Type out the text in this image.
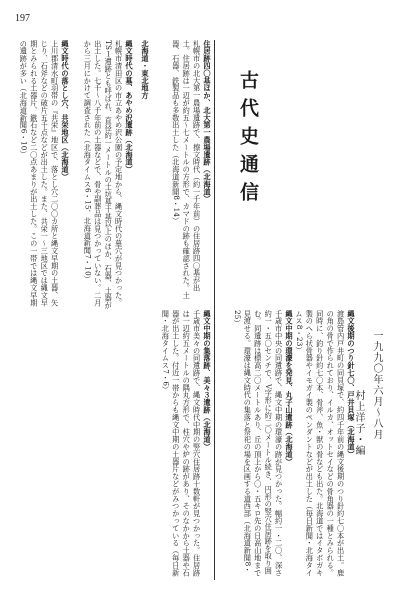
197
一九九〇年六月〜八月
村上洋子・編

縄文後期のつり針七〇、戸井貝塚（北海道）

渡島管内戸井町の同貝塚で、約四千年前の縄文後期のつり針約七〇本が出土。鹿の角の骨で作られており、イルカ、オットセイなどの骨角器の一種とみられる。同時に、釣り針約七〇本、骨斧、魚・獣の骨なども出た。北海道ではイタボガキ製のへら状骨器やイモガイ製のペンダントなどが出土した（毎日新聞・北海タイムス8・23）

縄文中期の環濠を発見、丸子山遺跡（北海道）

千歳市中央の同遺跡で、縄文中期の環濠の跡が見つかった。幅約一・二〇、深さ約一・五〇センチで、V字形に約二〇メートル続き、円形の竪穴住居跡を取り囲む。同遺跡は標高二〇メートルあり、丘の頂上から〇・五キロ先の日高山地まで見渡せる。環濠は縄文時代の集落と祭祀の場を区画する道西部（北海道新聞8・25）

縄文中期の集落跡、美々３遺跡（北海道）

千歳市美々の同遺跡で、縄文時代中期の竪穴住居跡十数軒が見つかった。住居跡は一辺約五メートルの隅丸方形で、柱穴や炉の跡があり、そのなかから土器や石器が出土した。付近一帯からも縄文中期の土器片などがみつかっている（毎日新聞・北海タイムス7・6）

住居跡四〇基ほか、北大第一農場遺跡（北海道）

札幌市の北大第一農場遺跡で、擦文時代（約一千年前）の住居跡四〇基が出土。住居跡は一辺が約五〜七メートルの方形で、カマドの跡も確認された。土器、石器、鉄製品も多数出土した（北海道新聞8・14）	古代史通信

北海道・東北地方

縄文時代の墓、あやめ沢遺跡（北海道）

札幌市清田区の市立あやめ沢公園の予定地から、縄文時代の墓穴が見つかった。TS１遺跡とも呼ばれ、直径約一メートルの土坑墓十基以上のほか、石器、土器が出土した。七千〜八千年前の土器などで、骨や副葬品は見つかっていない。二月から三月にかけて調査された（北海タイムス6・15、北海道新聞7・10）

縄文時代の落とし穴、共栄地区（北海道）

上川郡清水町羽帯の『共栄』地区で、落とし穴二〇〇カ所と縄文早期の土器、矢じり、石斧などの破片五千点などが出土した。また、共栄一〜三地区では縄文早期とみられる土器片、鏃石など二〇点あまりが出土した。この一帯では縄文早期の遺跡が多い（北海道新聞6・10）
